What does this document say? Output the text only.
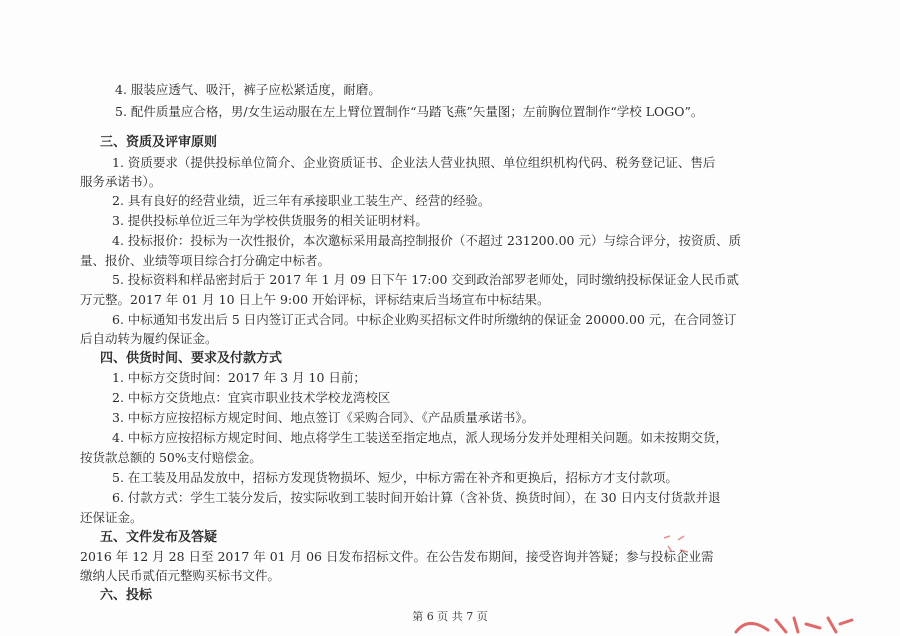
4. 服装应透气、吸汗，裤子应松紧适度，耐磨。
5. 配件质量应合格，男/女生运动服在左上臂位置制作“马踏飞燕”矢量图；左前胸位置制作“学校 LOGO”。
三、资质及评审原则
1. 资质要求（提供投标单位简介、企业资质证书、企业法人营业执照、单位组织机构代码、税务登记证、售后
服务承诺书）。
2. 具有良好的经营业绩，近三年有承接职业工装生产、经营的经验。
3. 提供投标单位近三年为学校供货服务的相关证明材料。
4. 投标报价：投标为一次性报价，本次邀标采用最高控制报价（不超过 231200.00 元）与综合评分，按资质、质
量、报价、业绩等项目综合打分确定中标者。
5. 投标资料和样品密封后于 2017 年 1 月 09 日下午 17:00 交到政治部罗老师处，同时缴纳投标保证金人民币贰
万元整。2017 年 01 月 10 日上午 9:00 开始评标，评标结束后当场宣布中标结果。
6. 中标通知书发出后 5 日内签订正式合同。中标企业购买招标文件时所缴纳的保证金 20000.00 元，在合同签订
后自动转为履约保证金。
四、供货时间、要求及付款方式
1. 中标方交货时间：2017 年 3 月 10 日前；
2. 中标方交货地点：宜宾市职业技术学校龙湾校区
3. 中标方应按招标方规定时间、地点签订《采购合同》、《产品质量承诺书》。
4. 中标方应按招标方规定时间、地点将学生工装送至指定地点，派人现场分发并处理相关问题。如未按期交货，
按货款总额的 50%支付赔偿金。
5. 在工装及用品发放中，招标方发现货物损坏、短少，中标方需在补齐和更换后，招标方才支付款项。
6. 付款方式：学生工装分发后，按实际收到工装时间开始计算（含补货、换货时间），在 30 日内支付货款并退
还保证金。
五、文件发布及答疑
2016 年 12 月 28 日至 2017 年 01 月 06 日发布招标文件。在公告发布期间，接受咨询并答疑；参与投标企业需
缴纳人民币贰佰元整购买标书文件。
六、投标
第 6 页 共 7 页
